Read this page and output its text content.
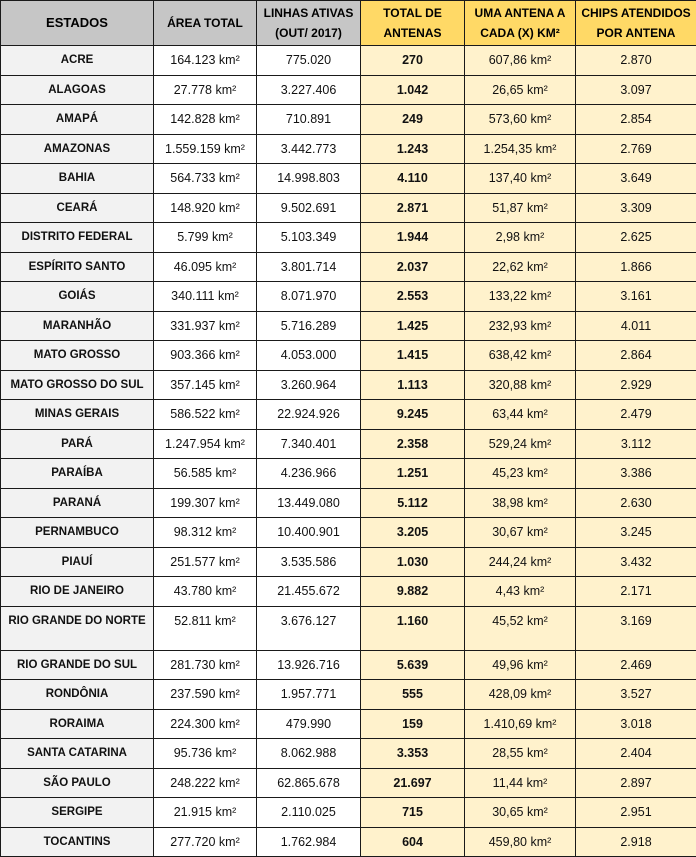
ESTADOS	ÁREA TOTAL	LINHAS ATIVAS (OUT/ 2017)	TOTAL DE ANTENAS	UMA ANTENA A CADA (X) KM²	CHIPS ATENDIDOS POR ANTENA
ACRE	164.123 km²	775.020	270	607,86 km²	2.870
ALAGOAS	27.778 km²	3.227.406	1.042	26,65 km²	3.097
AMAPÁ	142.828 km²	710.891	249	573,60 km²	2.854
AMAZONAS	1.559.159 km²	3.442.773	1.243	1.254,35 km²	2.769
BAHIA	564.733 km²	14.998.803	4.110	137,40 km²	3.649
CEARÁ	148.920 km²	9.502.691	2.871	51,87 km²	3.309
DISTRITO FEDERAL	5.799 km²	5.103.349	1.944	2,98 km²	2.625
ESPÍRITO SANTO	46.095 km²	3.801.714	2.037	22,62 km²	1.866
GOIÁS	340.111 km²	8.071.970	2.553	133,22 km²	3.161
MARANHÃO	331.937 km²	5.716.289	1.425	232,93 km²	4.011
MATO GROSSO	903.366 km²	4.053.000	1.415	638,42 km²	2.864
MATO GROSSO DO SUL	357.145 km²	3.260.964	1.113	320,88 km²	2.929
MINAS GERAIS	586.522 km²	22.924.926	9.245	63,44 km²	2.479
PARÁ	1.247.954 km²	7.340.401	2.358	529,24 km²	3.112
PARAÍBA	56.585 km²	4.236.966	1.251	45,23 km²	3.386
PARANÁ	199.307 km²	13.449.080	5.112	38,98 km²	2.630
PERNAMBUCO	98.312 km²	10.400.901	3.205	30,67 km²	3.245
PIAUÍ	251.577 km²	3.535.586	1.030	244,24 km²	3.432
RIO DE JANEIRO	43.780 km²	21.455.672	9.882	4,43 km²	2.171
RIO GRANDE DO NORTE	52.811 km²	3.676.127	1.160	45,52 km²	3.169
RIO GRANDE DO SUL	281.730 km²	13.926.716	5.639	49,96 km²	2.469
RONDÔNIA	237.590 km²	1.957.771	555	428,09 km²	3.527
RORAIMA	224.300 km²	479.990	159	1.410,69 km²	3.018
SANTA CATARINA	95.736 km²	8.062.988	3.353	28,55 km²	2.404
SÃO PAULO	248.222 km²	62.865.678	21.697	11,44 km²	2.897
SERGIPE	21.915 km²	2.110.025	715	30,65 km²	2.951
TOCANTINS	277.720 km²	1.762.984	604	459,80 km²	2.918
